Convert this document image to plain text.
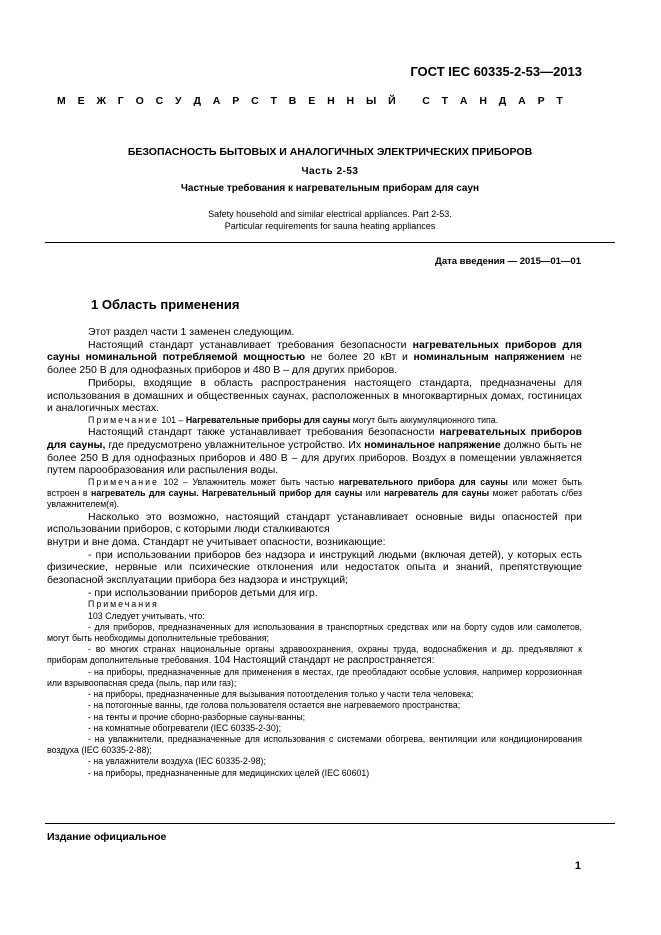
ГОСТ IEC 60335-2-53—2013
М Е Ж Г О С У Д А Р С Т В Е Н Н Ы Й
	С Т А Н Д А Р Т
БЕЗОПАСНОСТЬ БЫТОВЫХ И АНАЛОГИЧНЫХ ЭЛЕКТРИЧЕСКИХ ПРИБОРОВ
Часть 2-53
Частные требования к нагревательным приборам для саун
Safety household and similar electrical appliances. Part 2-53.
Particular requirements for sauna heating appliances
Дата введения — 2015—01—01
1 Область применения

Этот раздел части 1 заменен следующим.

Настоящий стандарт устанавливает требования безопасности нагревательных приборов для сауны номинальной потребляемой мощностью не более 20 кВт и номинальным напряжением не более 250 В для однофазных приборов и 480 В – для других приборов.

Приборы, входящие в область распространения настоящего стандарта, предназначены для использования в домашних и общественных саунах, расположенных в многоквартирных домах, гостиницах и аналогичных местах.

Примечание 101 – Нагревательные приборы для сауны могут быть аккумуляционного типа.

Настоящий стандарт также устанавливает требования безопасности нагревательных приборов для сауны, где предусмотрено увлажнительное устройство. Их номинальное напряжение должно быть не более 250 В для однофазных приборов и 480 В – для других приборов. Воздух в помещении увлажняется путем парообразования или распыления воды.

Примечание 102 – Увлажнитель может быть частью нагревательного прибора для сауны или может быть встроен в нагреватель для сауны. Нагревательный прибор для сауны или нагреватель для сауны может работать с/без увлажнителем(я).

Насколько это возможно, настоящий стандарт устанавливает основные виды опасностей при использовании приборов, с которыми люди сталкиваются

внутри и вне дома. Стандарт не учитывает опасности, возникающие:

- при использовании приборов без надзора и инструкций людьми (включая детей), у которых есть физические, нервные или психические отклонения или недостаток опыта и знаний, препятствующие безопасной эксплуатации прибора без надзора и инструкций;

- при использовании приборов детьми для игр.

Примечания

103 Следует учитывать, что:

- для приборов, предназначенных для использования в транспортных средствах или на борту судов или самолетов, могут быть необходимы дополнительные требования;

- во многих странах национальные органы здравоохранения, охраны труда, водоснабжения и др. предъявляют к приборам дополнительные требования. 104 Настоящий стандарт не распространяется:

- на приборы, предназначенные для применения в местах, где преобладают особые условия, например коррозионная или взрывоопасная среда (пыль, пар или газ);

- на приборы, предназначенные для вызывания потоотделения только у части тела человека;

- на потогонные ванны, где голова пользователя остается вне нагреваемого пространства;

- на тенты и прочие сборно-разборные сауны-ванны;

- на комнатные обогреватели (IEC 60335-2-30);

- на увлажнители, предназначенные для использования с системами обогрева, вентиляции или кондиционирования воздуха (IEC 60335-2-88);

- на увлажнители воздуха (IEC 60335-2-98);

- на приборы, предназначенные для медицинских целей (IEC 60601)

Издание официальное
1
